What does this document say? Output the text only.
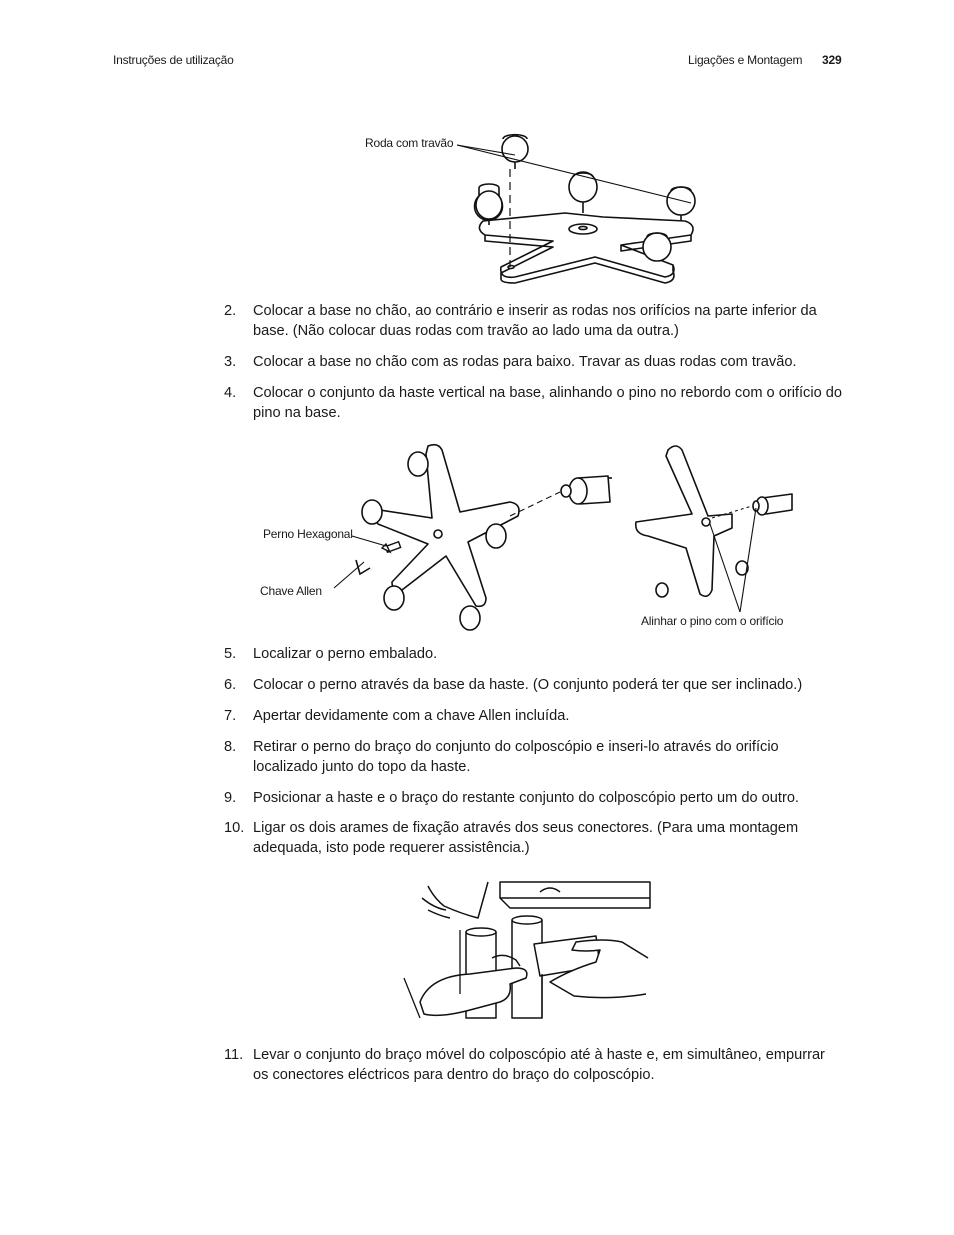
Instruções de utilização	Ligações e Montagem 329
Roda com travão
2. Colocar a base no chão, ao contrário e inserir as rodas nos orifícios na parte inferior da base. (Não colocar duas rodas com travão ao lado uma da outra.)
3. Colocar a base no chão com as rodas para baixo. Travar as duas rodas com travão.
4. Colocar o conjunto da haste vertical na base, alinhando o pino no rebordo com o orifício do pino na base.
Perno Hexagonal
Chave Allen
Alinhar o pino com o orifício
5. Localizar o perno embalado.
6. Colocar o perno através da base da haste. (O conjunto poderá ter que ser inclinado.)
7. Apertar devidamente com a chave Allen incluída.
8. Retirar o perno do braço do conjunto do colposcópio e inseri-lo através do orifício localizado junto do topo da haste.
9. Posicionar a haste e o braço do restante conjunto do colposcópio perto um do outro.
10. Ligar os dois arames de fixação através dos seus conectores. (Para uma montagem adequada, isto pode requerer assistência.)
11. Levar o conjunto do braço móvel do colposcópio até à haste e, em simultâneo, empurrar os conectores eléctricos para dentro do braço do colposcópio.
